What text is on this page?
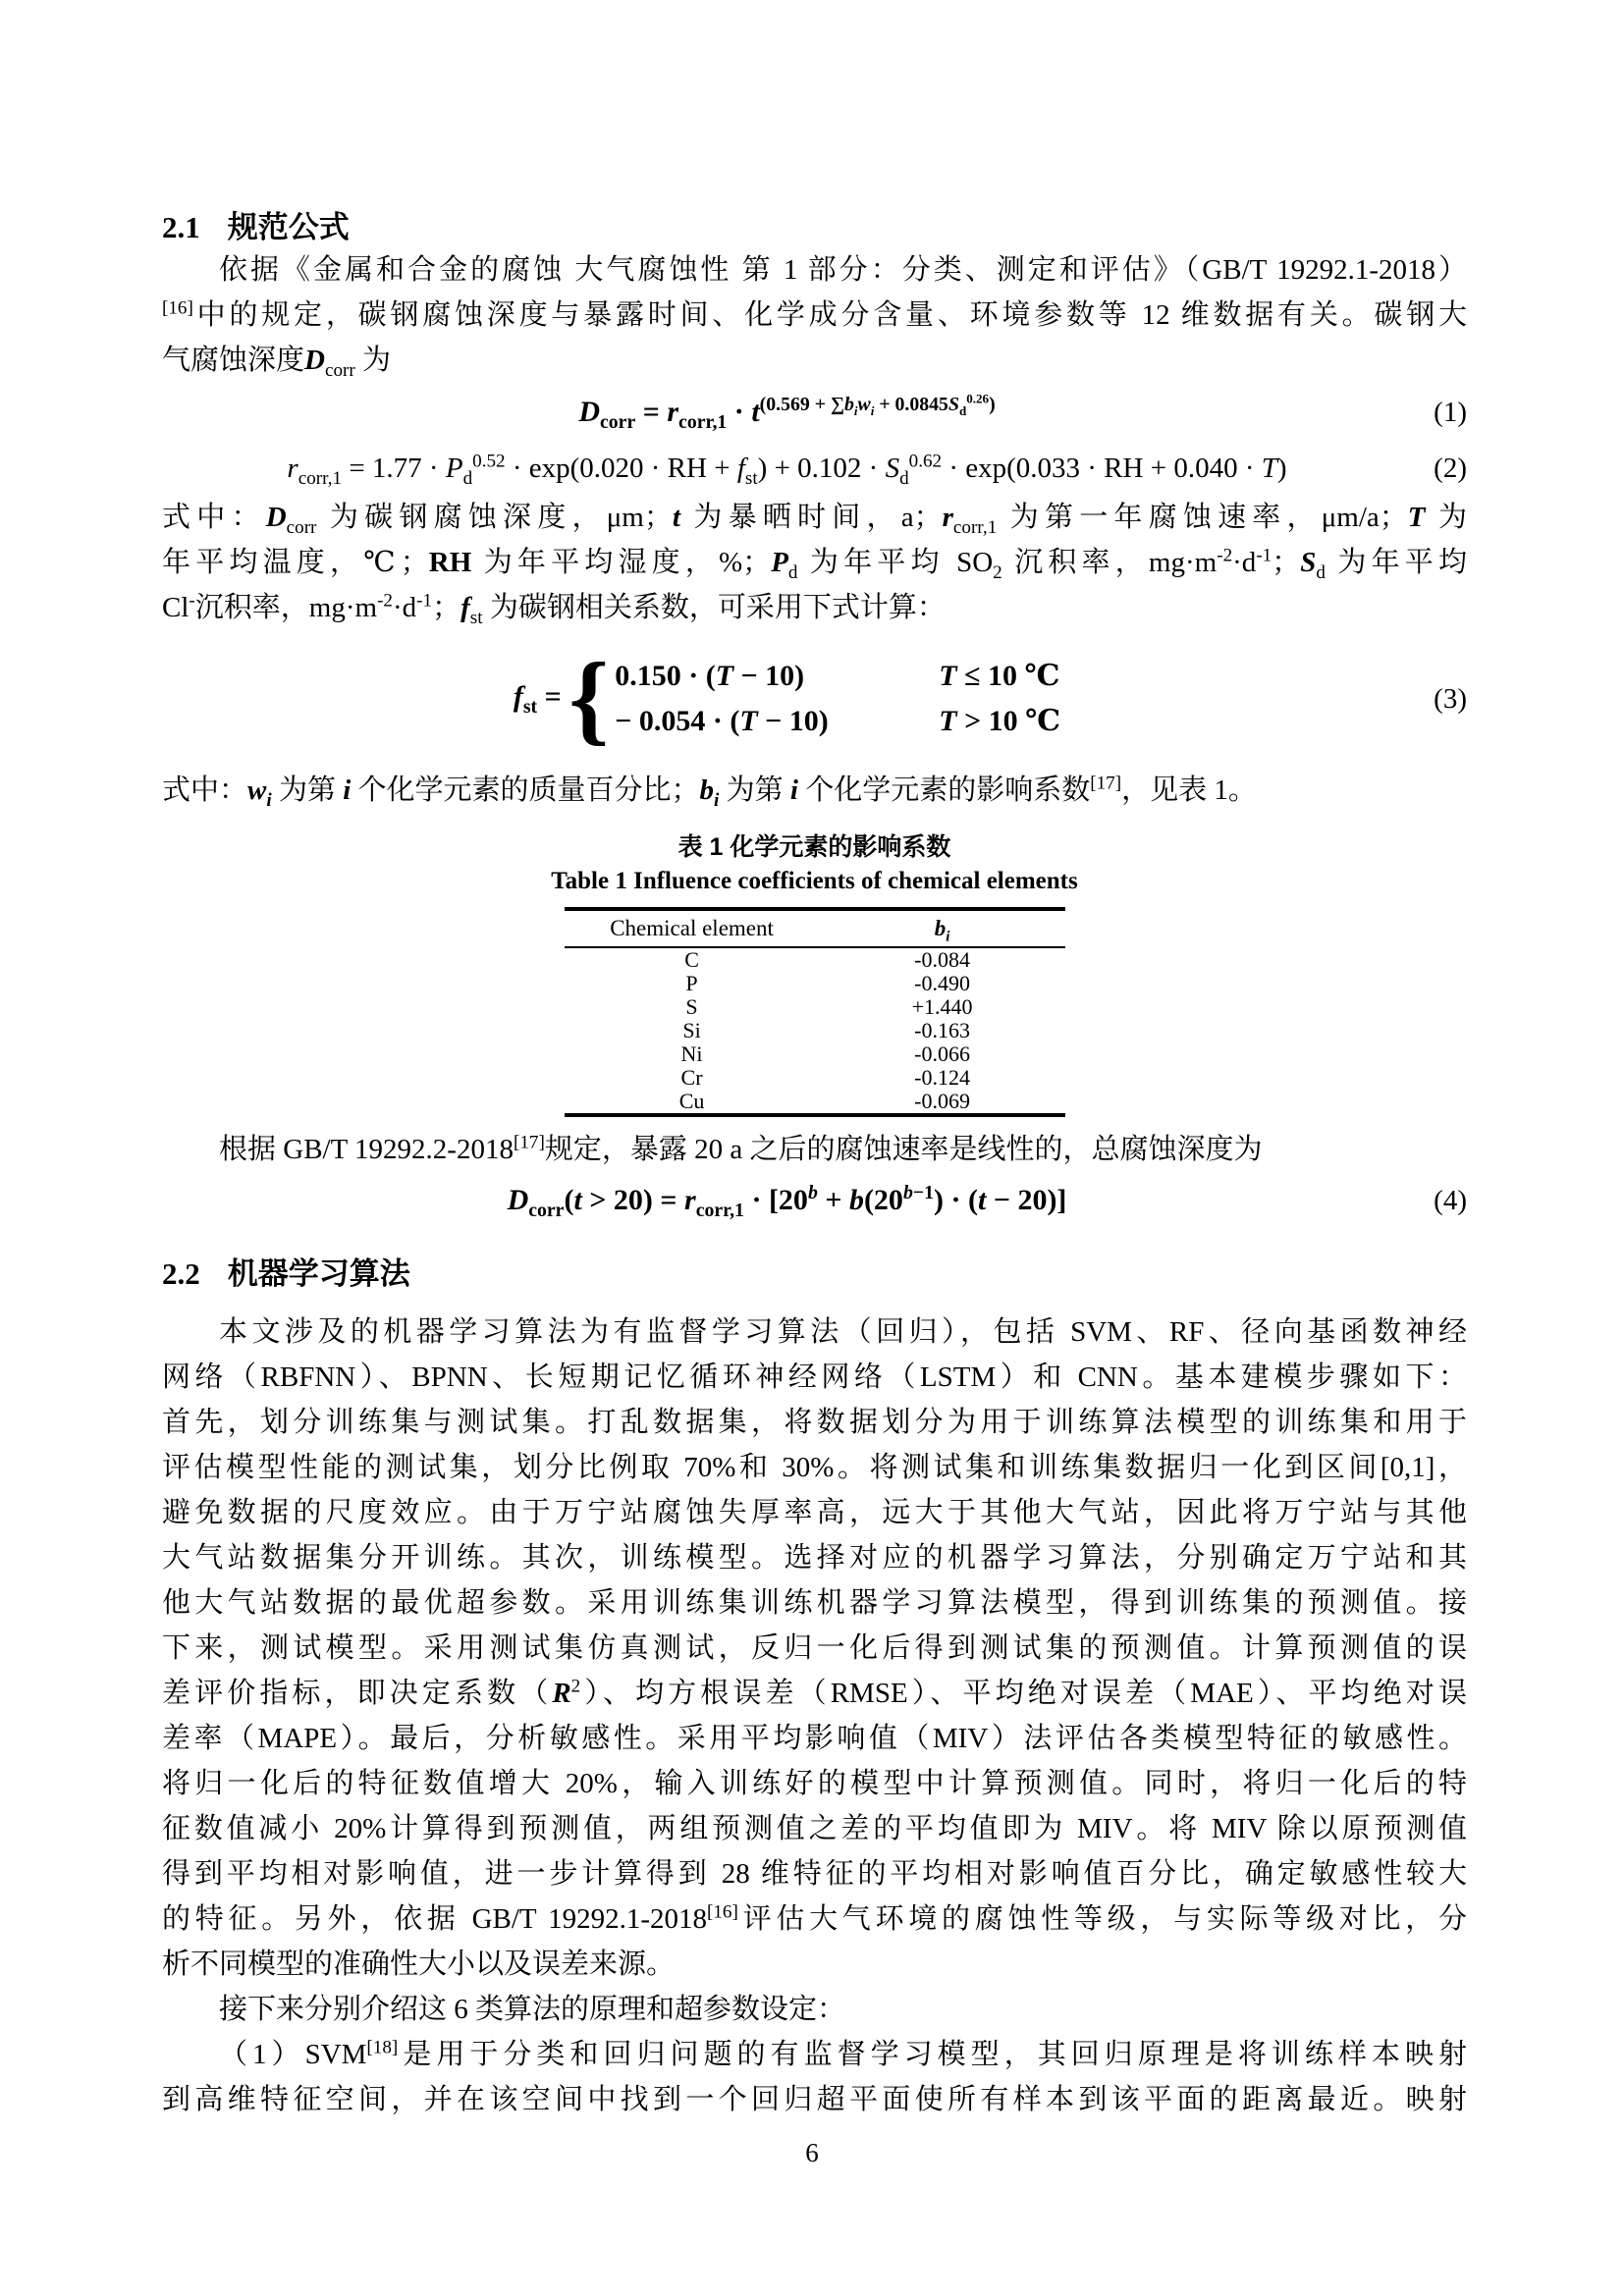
2.1 规范公式
依据《金属和合金的腐蚀 大气腐蚀性 第 1 部分：分类、测定和评估》（GB/T 19292.1-2018）
[16]中的规定，碳钢腐蚀深度与暴露时间、化学成分含量、环境参数等 12 维数据有关。碳钢大
气腐蚀深度$D_{corr}$ 为
$D_{corr} = r_{corr,1} \cdot t^{(0.569 + \sum b_iw_i + 0.0845S_d^{0.26})}$	(1)
$r_{corr,1} = 1.77 \cdot P_d^{0.52} \cdot \exp(0.020$ · RH + $f_{st}) + 0.102 \cdot S_d^{0.62} \cdot \exp(0.033$ · RH + 0.040 · T)	(2)
式中：$D_{corr}$ 为碳钢腐蚀深度，μm；t 为暴晒时间，a；$r_{corr,1}$ 为第一年腐蚀速率，μm/a；T 为
年平均温度，℃；RH 为年平均湿度，%；$P_d$ 为年平均 $SO_2$ 沉积率，$mg\cdot m^{-2}\cdot d^{-1}$；$S_d$ 为年平均
Cl-沉积率，$mg\cdot m^{-2}\cdot d^{-1}$；$f_{st}$ 为碳钢相关系数，可采用下式计算：
$f_{st}$ = { 0.150 · (T − 10)	T ≤ 10 ℃
− 0.054 · (T − 10)	T > 10 ℃
(3)
式中：$w_i$ 为第 i 个化学元素的质量百分比；$b_i$ 为第 i 个化学元素的影响系数[17]，见表 1。
表 1 化学元素的影响系数
Table 1 Influence coefficients of chemical elements
Chemical element	$b_i$
C	-0.084
P	-0.490
S	+1.440
Si	-0.163
Ni	-0.066
Cr	-0.124
Cu	-0.069
根据 GB/T 19292.2-2018[17]规定，暴露 20 a 之后的腐蚀速率是线性的，总腐蚀深度为
$D_{corr}(t > 20) = r_{corr,1} \cdot [20^b + b(20^{b-1}) \cdot (t - 20)]$	(4)
2.2 机器学习算法
本文涉及的机器学习算法为有监督学习算法（回归），包括 SVM、RF、径向基函数神经
网络（RBFNN）、BPNN、长短期记忆循环神经网络（LSTM）和 CNN。基本建模步骤如下：
首先，划分训练集与测试集。打乱数据集，将数据划分为用于训练算法模型的训练集和用于
评估模型性能的测试集，划分比例取 70%和 30%。将测试集和训练集数据归一化到区间[0,1]，
避免数据的尺度效应。由于万宁站腐蚀失厚率高，远大于其他大气站，因此将万宁站与其他
大气站数据集分开训练。其次，训练模型。选择对应的机器学习算法，分别确定万宁站和其
他大气站数据的最优超参数。采用训练集训练机器学习算法模型，得到训练集的预测值。接
下来，测试模型。采用测试集仿真测试，反归一化后得到测试集的预测值。计算预测值的误
差评价指标，即决定系数$(R^2)$、均方根误差（RMSE）、平均绝对误差（MAE）、平均绝对误
差率（MAPE）。最后，分析敏感性。采用平均影响值（MIV）法评估各类模型特征的敏感性。
将归一化后的特征数值增大 20%，输入训练好的模型中计算预测值。同时，将归一化后的特
征数值减小 20%计算得到预测值，两组预测值之差的平均值即为 MIV。将 MIV 除以原预测值
得到平均相对影响值，进一步计算得到 28 维特征的平均相对影响值百分比，确定敏感性较大
的特征。另外，依据 GB/T 19292.1-2018[16]评估大气环境的腐蚀性等级，与实际等级对比，分
析不同模型的准确性大小以及误差来源。
接下来分别介绍这 6 类算法的原理和超参数设定：
（1）SVM[18]是用于分类和回归问题的有监督学习模型，其回归原理是将训练样本映射
到高维特征空间，并在该空间中找到一个回归超平面使所有样本到该平面的距离最近。映射
6
